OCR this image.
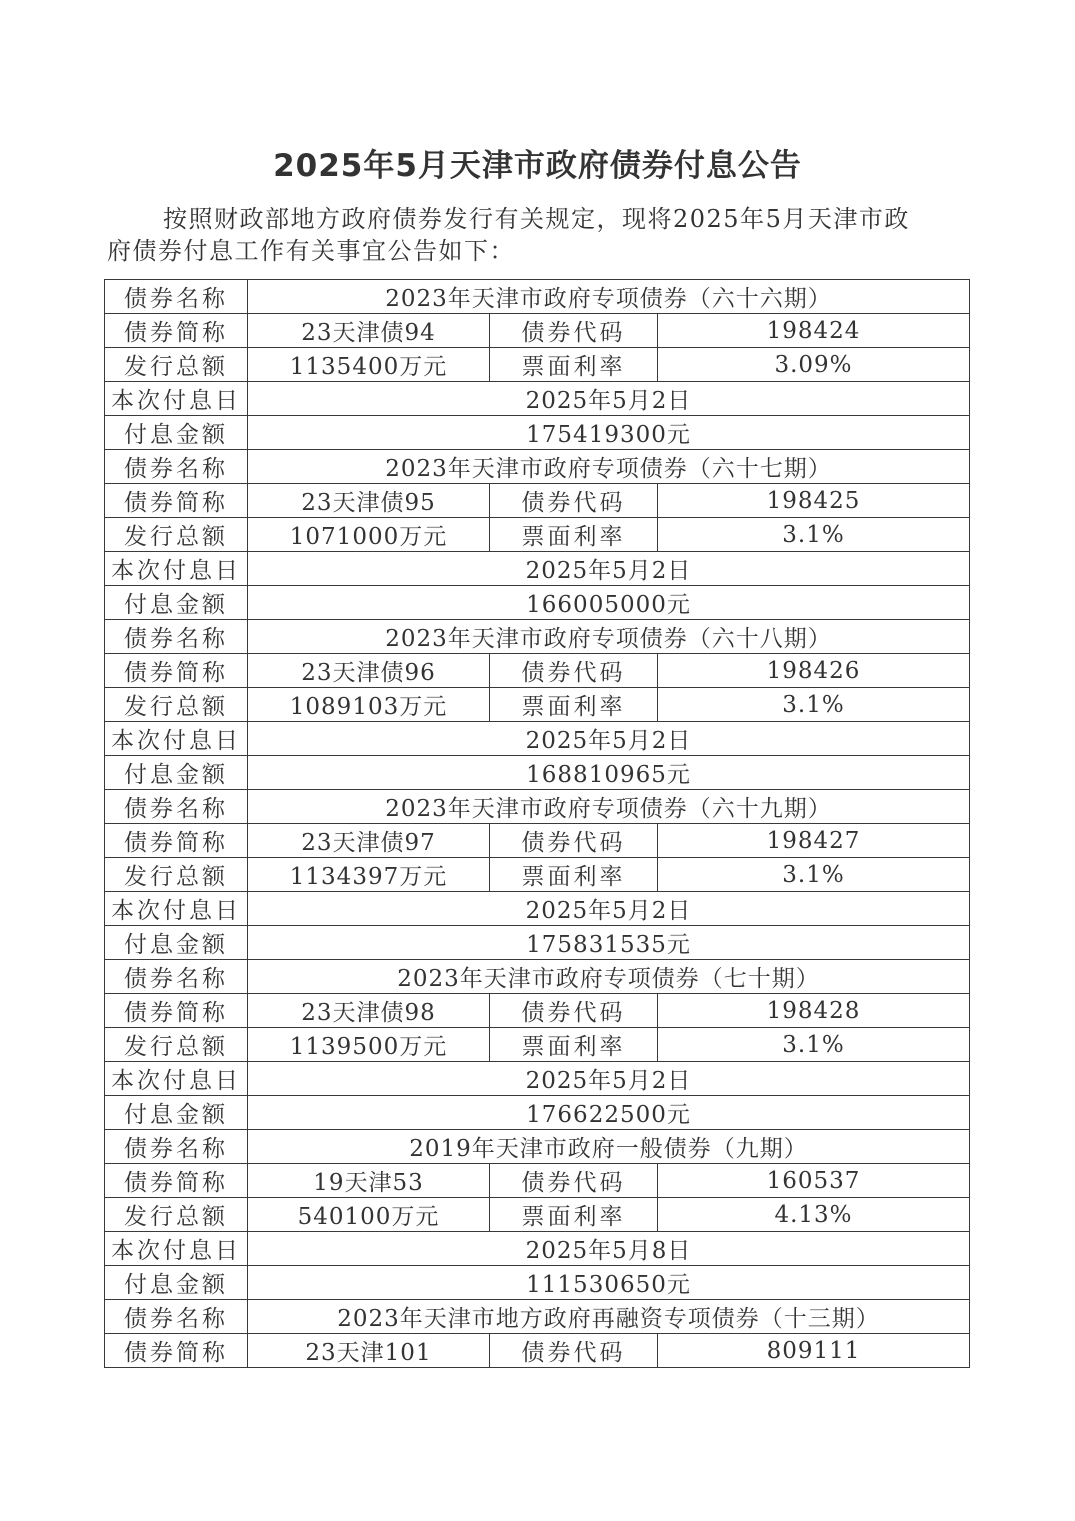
2025年5月天津市政府债券付息公告
按照财政部地方政府债券发行有关规定，现将2025年5月天津市政
府债券付息工作有关事宜公告如下：
债券名称	2023年天津市政府专项债券（六十六期）		
债券简称	23天津债94	债券代码	198424
发行总额	1135400万元	票面利率	3.09%
本次付息日	2025年5月2日		
付息金额	175419300元		
债券名称	2023年天津市政府专项债券（六十七期）		
债券简称	23天津债95	债券代码	198425
发行总额	1071000万元	票面利率	3.1%
本次付息日	2025年5月2日		
付息金额	166005000元		
债券名称	2023年天津市政府专项债券（六十八期）		
债券简称	23天津债96	债券代码	198426
发行总额	1089103万元	票面利率	3.1%
本次付息日	2025年5月2日		
付息金额	168810965元		
债券名称	2023年天津市政府专项债券（六十九期）		
债券简称	23天津债97	债券代码	198427
发行总额	1134397万元	票面利率	3.1%
本次付息日	2025年5月2日		
付息金额	175831535元		
债券名称	2023年天津市政府专项债券（七十期）		
债券简称	23天津债98	债券代码	198428
发行总额	1139500万元	票面利率	3.1%
本次付息日	2025年5月2日		
付息金额	176622500元		
债券名称	2019年天津市政府一般债券（九期）		
债券简称	19天津53	债券代码	160537
发行总额	540100万元	票面利率	4.13%
本次付息日	2025年5月8日		
付息金额	111530650元		
债券名称	2023年天津市地方政府再融资专项债券（十三期）		
债券简称	23天津101	债券代码	809111
